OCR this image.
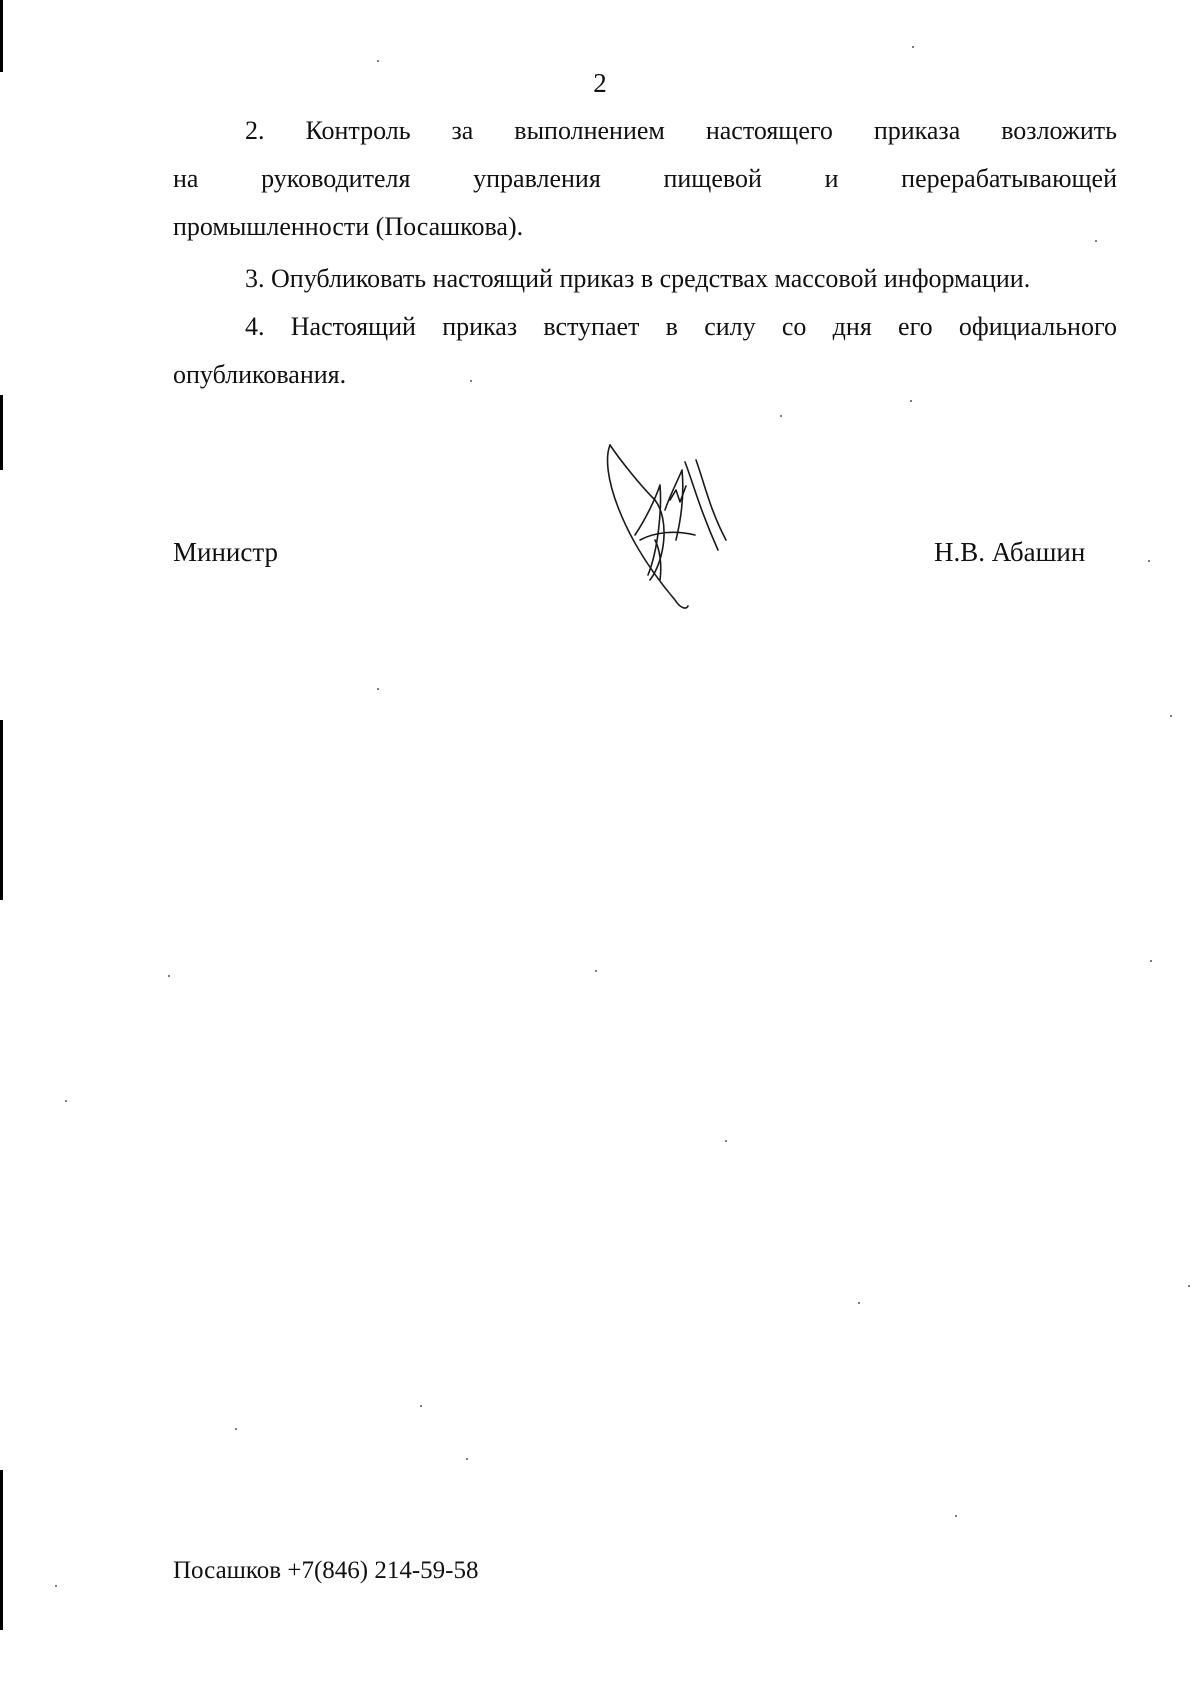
2
2. Контроль за выполнением настоящего приказа возложить
на руководителя управления пищевой и перерабатывающей
промышленности (Посашкова).
3. Опубликовать настоящий приказ в средствах массовой информации.
4. Настоящий приказ вступает в силу со дня его официального
опубликования.
Министр	Н.В. Абашин
Посашков +7(846) 214-59-58
